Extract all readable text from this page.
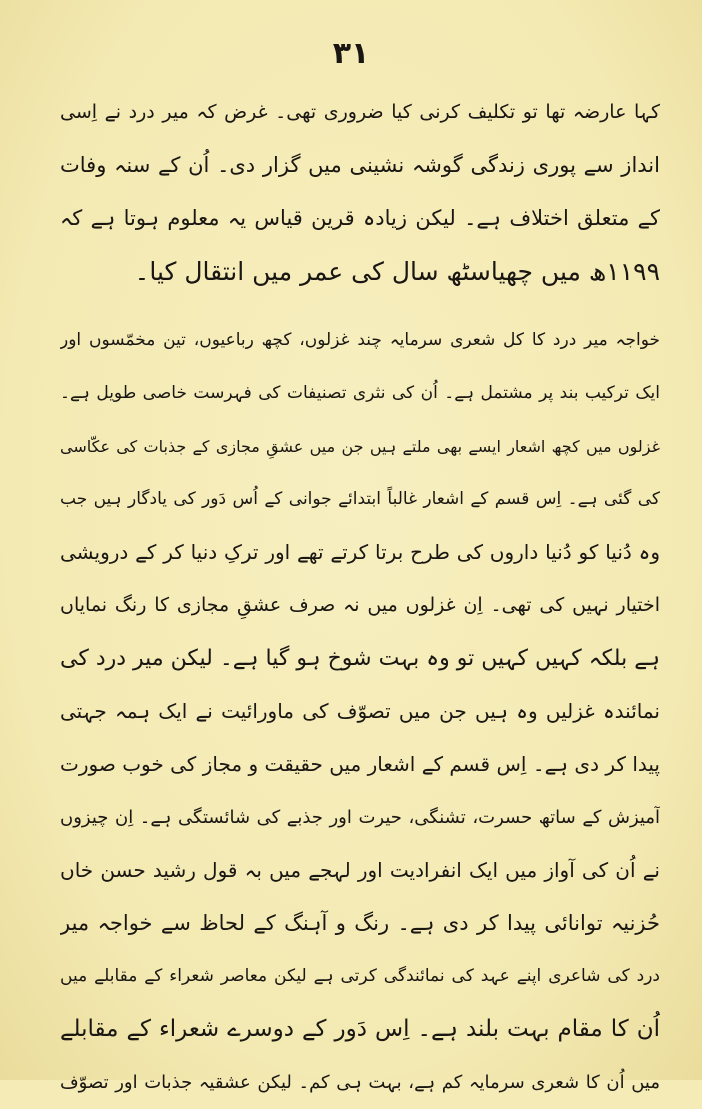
۳۱
کہا عارضہ تھا تو تکلیف کرنی کیا ضروری تھی۔ غرض کہ میر درد نے اِسی
انداز سے پوری زندگی گوشہ نشینی میں گزار دی۔ اُن کے سنہ وفات
کے متعلق اختلاف ہے۔ لیکن زیادہ قرین قیاس یہ معلوم ہوتا ہے کہ
۱۱۹۹ھ میں چھیاسٹھ سال کی عمر میں انتقال کیا۔
خواجہ میر درد کا کل شعری سرمایہ چند غزلوں، کچھ رباعیوں، تین مخمّسوں اور
ایک ترکیب بند پر مشتمل ہے۔ اُن کی نثری تصنیفات کی فہرست خاصی طویل ہے۔
غزلوں میں کچھ اشعار ایسے بھی ملتے ہیں جن میں عشقِ مجازی کے جذبات کی عکّاسی
کی گئی ہے۔ اِس قسم کے اشعار غالباً ابتدائے جوانی کے اُس دَور کی یادگار ہیں جب
وہ دُنیا کو دُنیا داروں کی طرح برتا کرتے تھے اور ترکِ دنیا کر کے درویشی
اختیار نہیں کی تھی۔ اِن غزلوں میں نہ صرف عشقِ مجازی کا رنگ نمایاں
ہے بلکہ کہیں کہیں تو وہ بہت شوخ ہو گیا ہے۔ لیکن میر درد کی
نمائندہ غزلیں وہ ہیں جن میں تصوّف کی ماورائیت نے ایک ہمہ جہتی
پیدا کر دی ہے۔ اِس قسم کے اشعار میں حقیقت و مجاز کی خوب صورت
آمیزش کے ساتھ حسرت، تشنگی، حیرت اور جذبے کی شائستگی ہے۔ اِن چیزوں
نے اُن کی آواز میں ایک انفرادیت اور لہجے میں بہ قول رشید حسن خاں
حُزنیہ توانائی پیدا کر دی ہے۔ رنگ و آہنگ کے لحاظ سے خواجہ میر
درد کی شاعری اپنے عہد کی نمائندگی کرتی ہے لیکن معاصر شعراء کے مقابلے میں
اُن کا مقام بہت بلند ہے۔ اِس دَور کے دوسرے شعراء کے مقابلے
میں اُن کا شعری سرمایہ کم ہے، بہت ہی کم۔ لیکن عشقیہ جذبات اور تصوّف
